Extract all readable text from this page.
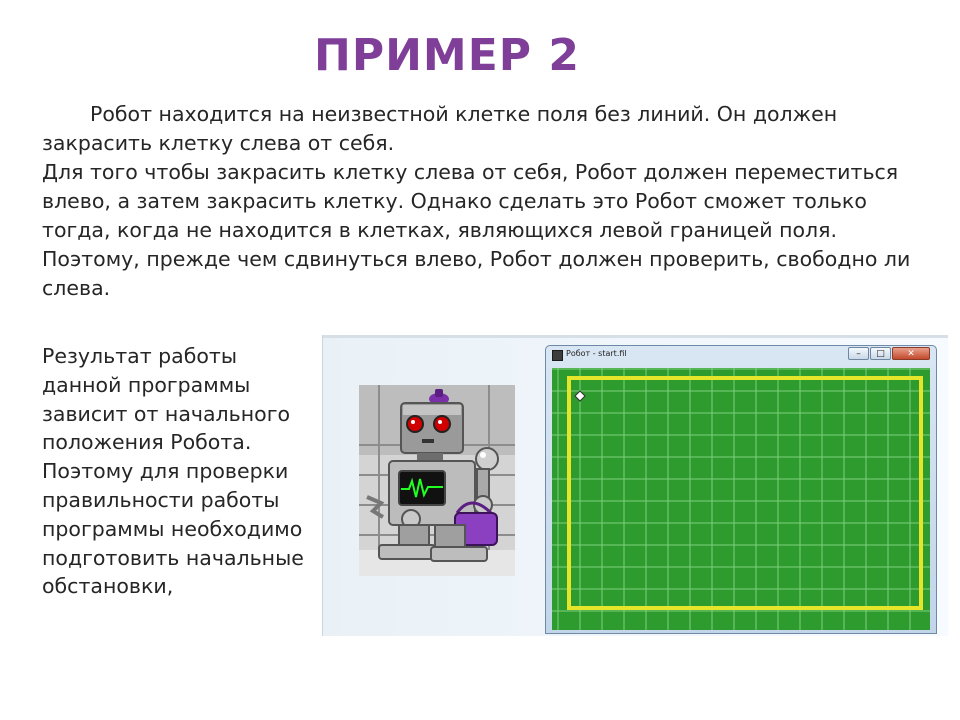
ПРИМЕР 2

Робот находится на неизвестной клетке поля без линий. Он должен закрасить клетку слева от себя.

Для того чтобы закрасить клетку слева от себя, Робот должен переместиться влево, а затем закрасить клетку. Однако сделать это Робот сможет только тогда, когда не находится в клетках, являющихся левой границей поля. Поэтому, прежде чем сдвинуться влево, Робот должен проверить, свободно ли слева.

Результат работы данной программы зависит от начального положения Робота. Поэтому для проверки правильности работы программы необходимо подготовить начальные обстановки,
Робот - start.fil	–	□	✕
